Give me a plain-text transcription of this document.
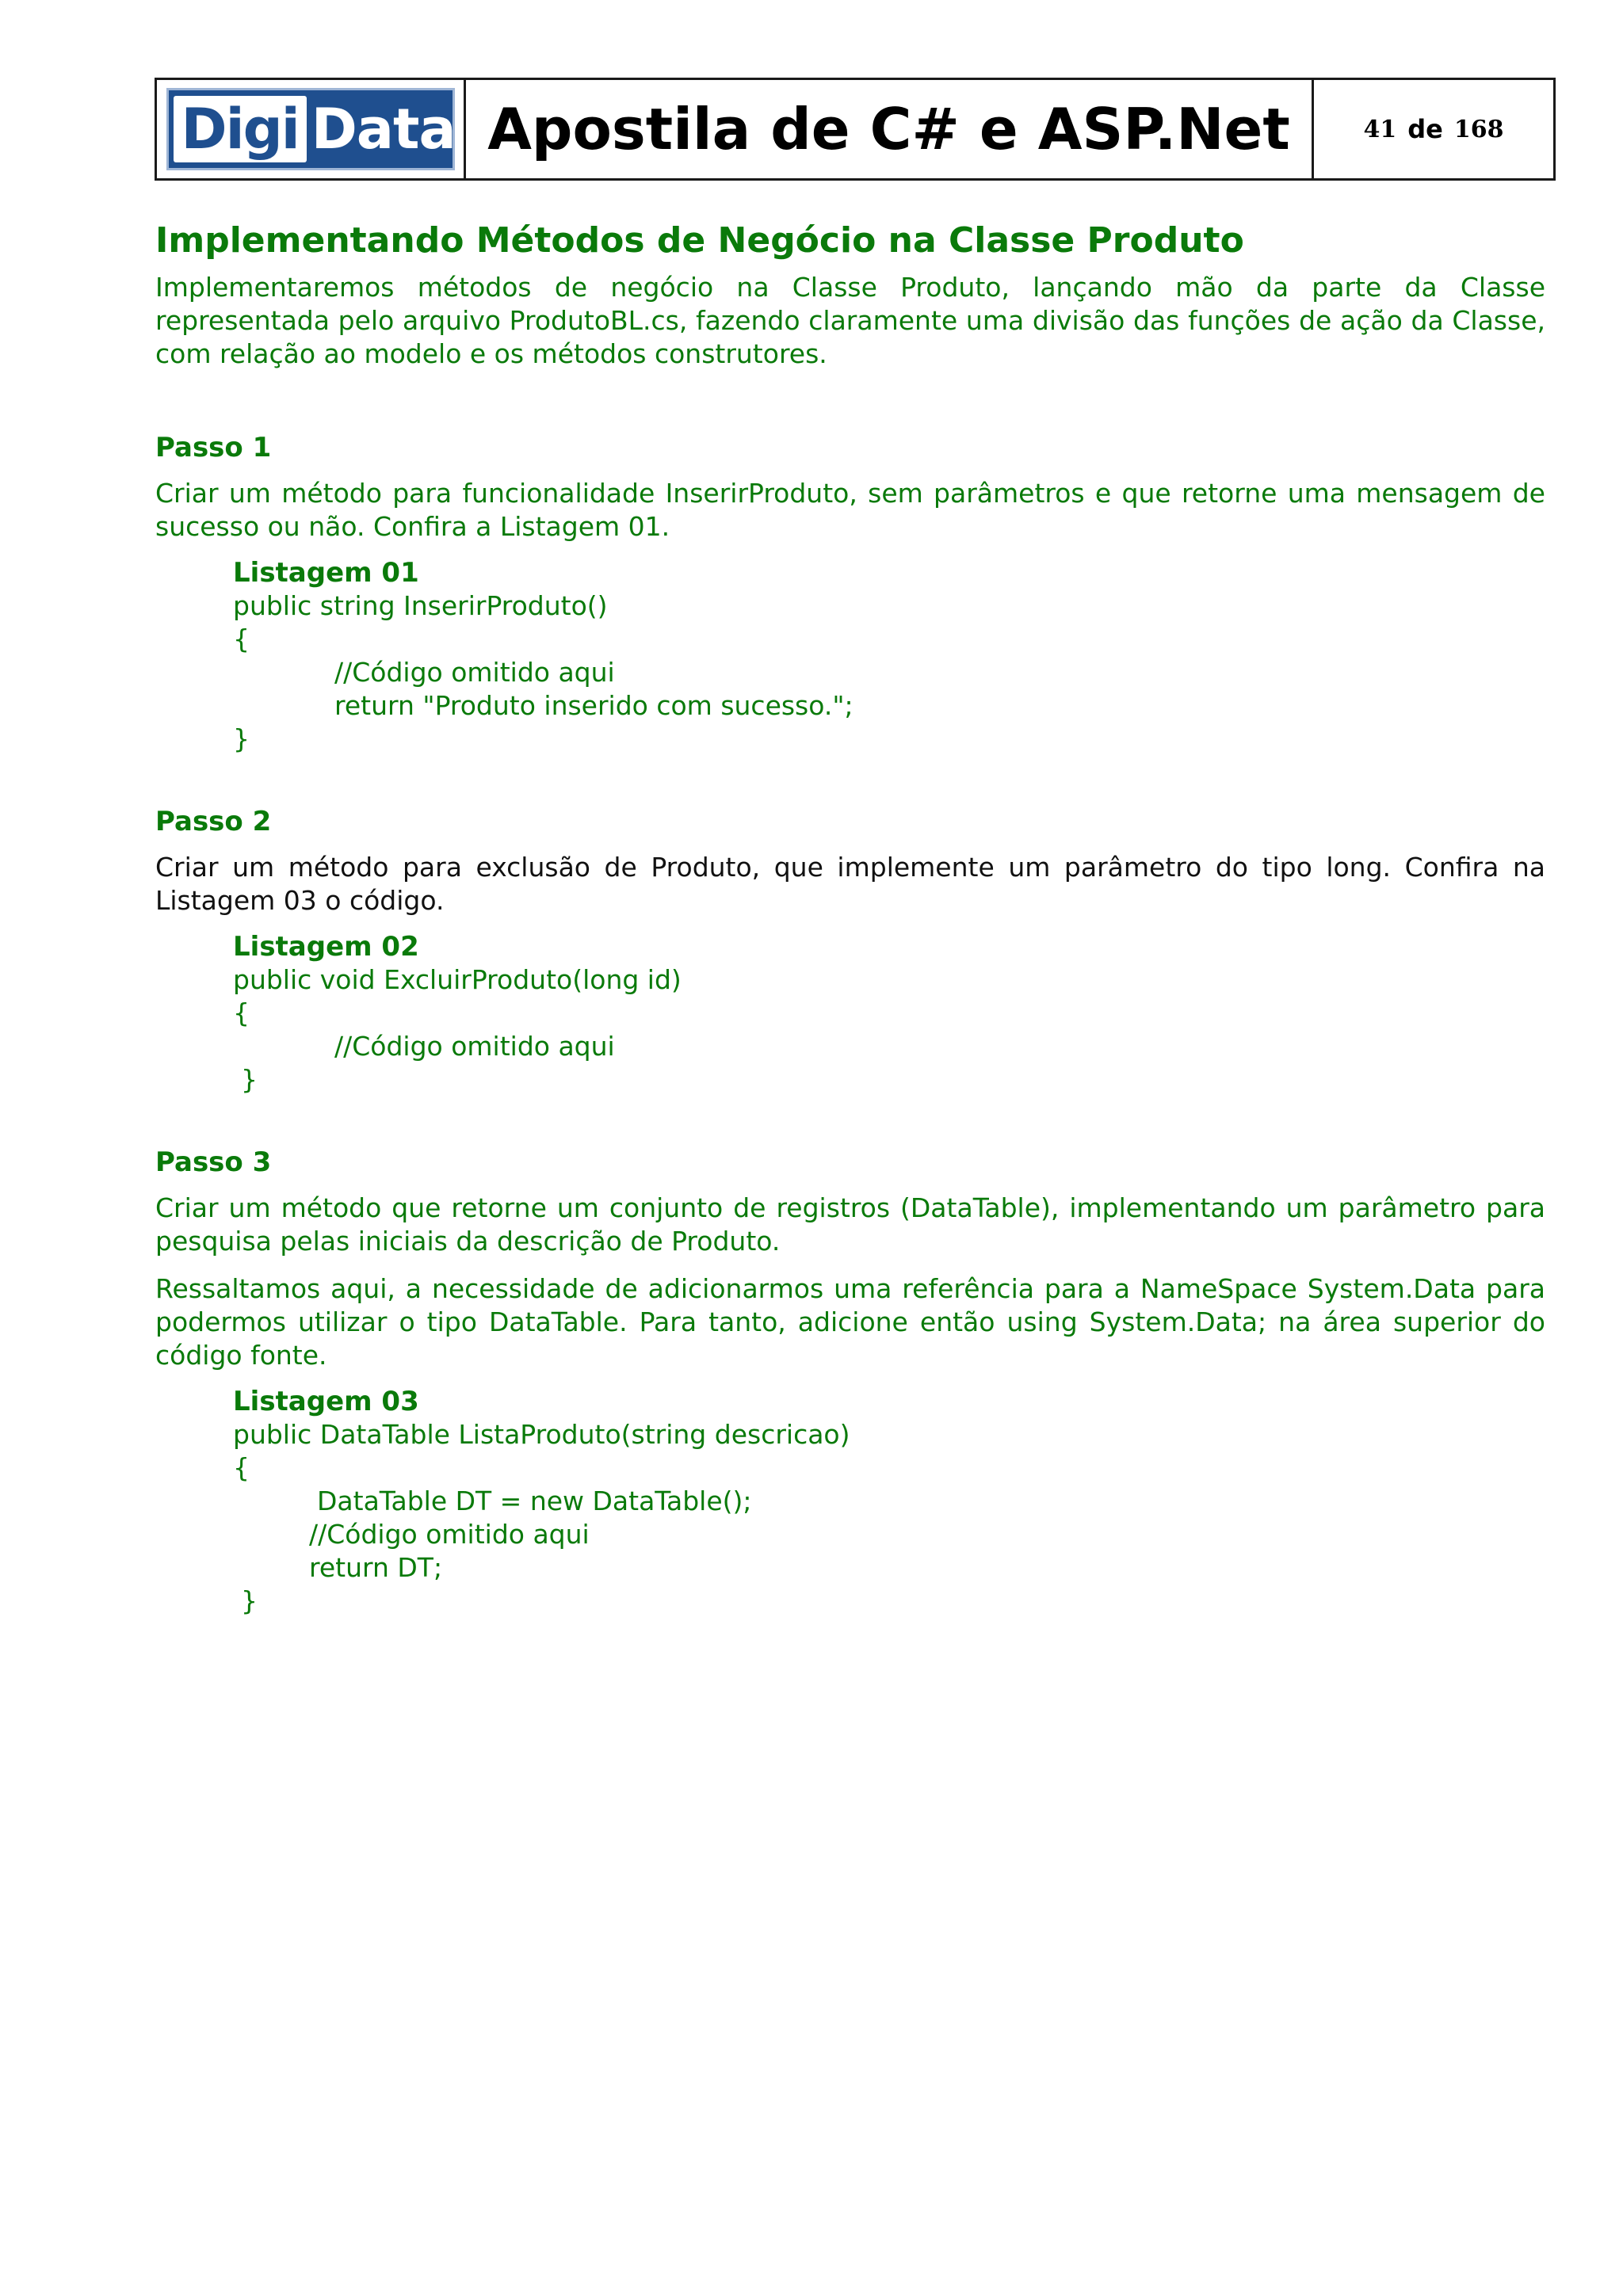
Digi Data Apostila de C# e ASP.Net	41 de 168
Implementando Métodos de Negócio na Classe Produto

Implementaremos métodos de negócio na Classe Produto, lançando mão da parte da Classe representada pelo arquivo ProdutoBL.cs, fazendo claramente uma divisão das funções de ação da Classe, com relação ao modelo e os métodos construtores.

Passo 1

Criar um método para funcionalidade InserirProduto, sem parâmetros e que retorne uma mensagem de sucesso ou não. Confira a Listagem 01.

Listagem 01
public string InserirProduto()
{
//Código omitido aqui
return "Produto inserido com sucesso.";
}
Passo 2

Criar um método para exclusão de Produto, que implemente um parâmetro do tipo long. Confira na Listagem 03 o código.

Listagem 02
public void ExcluirProduto(long id)
{
//Código omitido aqui
}
Passo 3

Criar um método que retorne um conjunto de registros (DataTable), implementando um parâmetro para pesquisa pelas iniciais da descrição de Produto.

Ressaltamos aqui, a necessidade de adicionarmos uma referência para a NameSpace System.Data para podermos utilizar o tipo DataTable. Para tanto, adicione então using System.Data; na área superior do código fonte.

Listagem 03
public DataTable ListaProduto(string descricao)
{
DataTable DT = new DataTable();
//Código omitido aqui
return DT;
}
